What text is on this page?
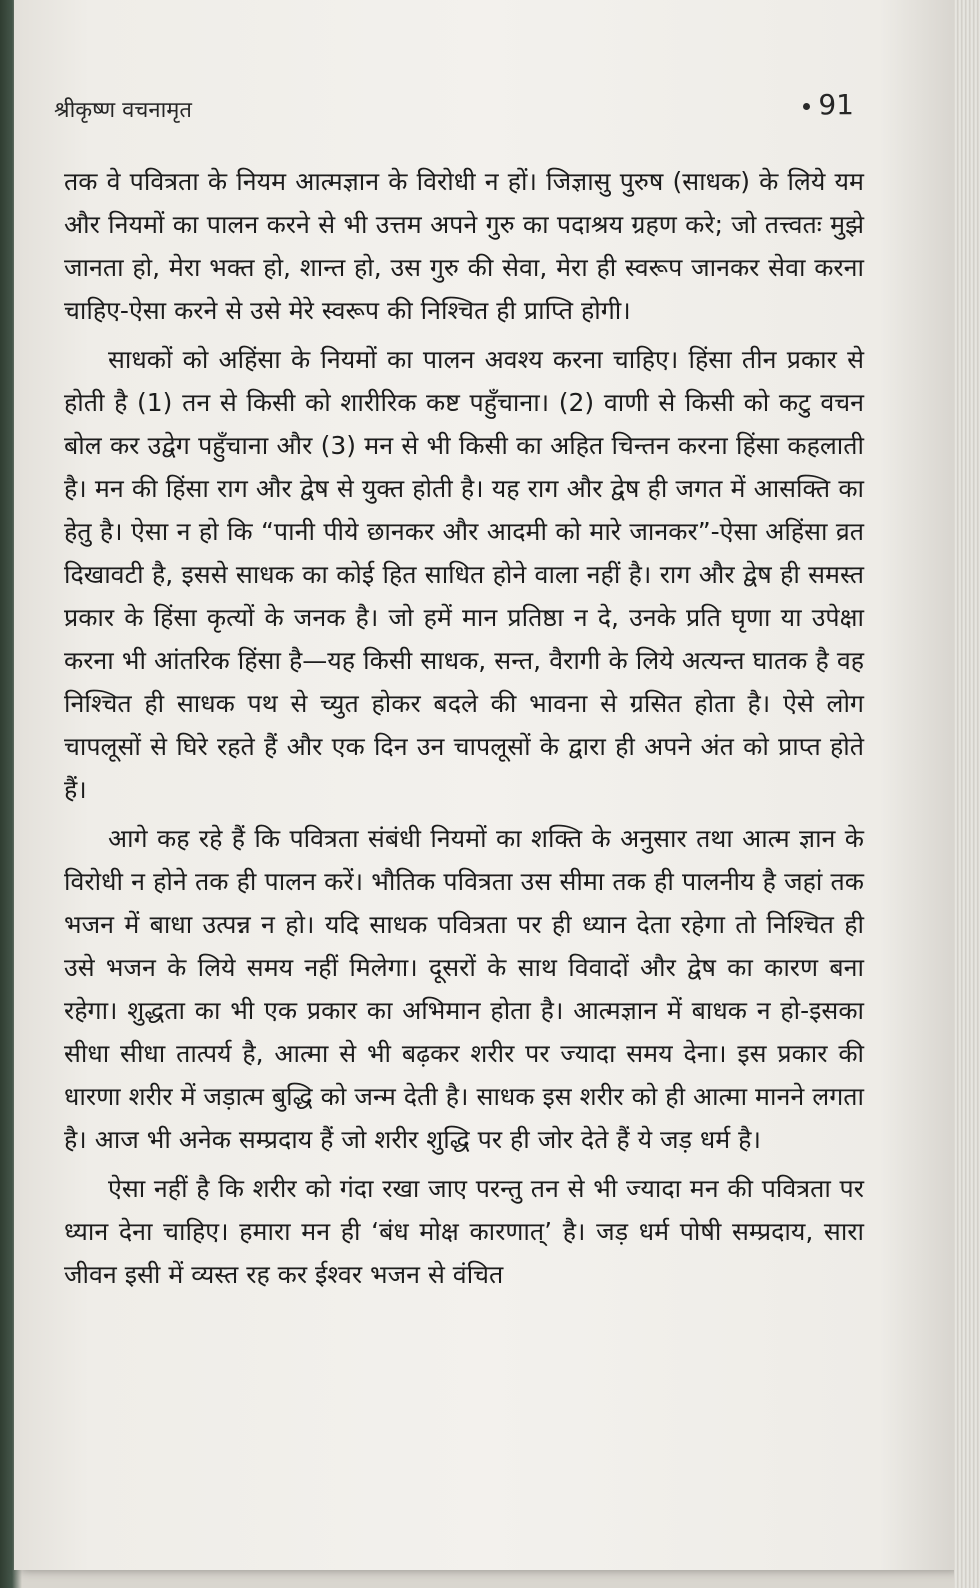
श्रीकृष्ण वचनामृत	91

तक वे पवित्रता के नियम आत्मज्ञान के विरोधी न हों। जिज्ञासु पुरुष (साधक) के लिये यम और नियमों का पालन करने से भी उत्तम अपने गुरु का पदाश्रय ग्रहण करे; जो तत्त्वतः मुझे जानता हो, मेरा भक्त हो, शान्त हो, उस गुरु की सेवा, मेरा ही स्वरूप जानकर सेवा करना चाहिए-ऐसा करने से उसे मेरे स्वरूप की निश्चित ही प्राप्ति होगी।

साधकों को अहिंसा के नियमों का पालन अवश्य करना चाहिए। हिंसा तीन प्रकार से होती है (1) तन से किसी को शारीरिक कष्ट पहुँचाना। (2) वाणी से किसी को कटु वचन बोल कर उद्वेग पहुँचाना और (3) मन से भी किसी का अहित चिन्तन करना हिंसा कहलाती है। मन की हिंसा राग और द्वेष से युक्त होती है। यह राग और द्वेष ही जगत में आसक्ति का हेतु है। ऐसा न हो कि “पानी पीये छानकर और आदमी को मारे जानकर”-ऐसा अहिंसा व्रत दिखावटी है, इससे साधक का कोई हित साधित होने वाला नहीं है। राग और द्वेष ही समस्त प्रकार के हिंसा कृत्यों के जनक है। जो हमें मान प्रतिष्ठा न दे, उनके प्रति घृणा या उपेक्षा करना भी आंतरिक हिंसा है—यह किसी साधक, सन्त, वैरागी के लिये अत्यन्त घातक है वह निश्चित ही साधक पथ से च्युत होकर बदले की भावना से ग्रसित होता है। ऐसे लोग चापलूसों से घिरे रहते हैं और एक दिन उन चापलूसों के द्वारा ही अपने अंत को प्राप्त होते हैं।

आगे कह रहे हैं कि पवित्रता संबंधी नियमों का शक्ति के अनुसार तथा आत्म ज्ञान के विरोधी न होने तक ही पालन करें। भौतिक पवित्रता उस सीमा तक ही पालनीय है जहां तक भजन में बाधा उत्पन्न न हो। यदि साधक पवित्रता पर ही ध्यान देता रहेगा तो निश्चित ही उसे भजन के लिये समय नहीं मिलेगा। दूसरों के साथ विवादों और द्वेष का कारण बना रहेगा। शुद्धता का भी एक प्रकार का अभिमान होता है। आत्मज्ञान में बाधक न हो-इसका सीधा सीधा तात्पर्य है, आत्मा से भी बढ़कर शरीर पर ज्यादा समय देना। इस प्रकार की धारणा शरीर में जड़ात्म बुद्धि को जन्म देती है। साधक इस शरीर को ही आत्मा मानने लगता है। आज भी अनेक सम्प्रदाय हैं जो शरीर शुद्धि पर ही जोर देते हैं ये जड़ धर्म है।

ऐसा नहीं है कि शरीर को गंदा रखा जाए परन्तु तन से भी ज्यादा मन की पवित्रता पर ध्यान देना चाहिए। हमारा मन ही ‘बंध मोक्ष कारणात्’ है। जड़ धर्म पोषी सम्प्रदाय, सारा जीवन इसी में व्यस्त रह कर ईश्वर भजन से वंचित
